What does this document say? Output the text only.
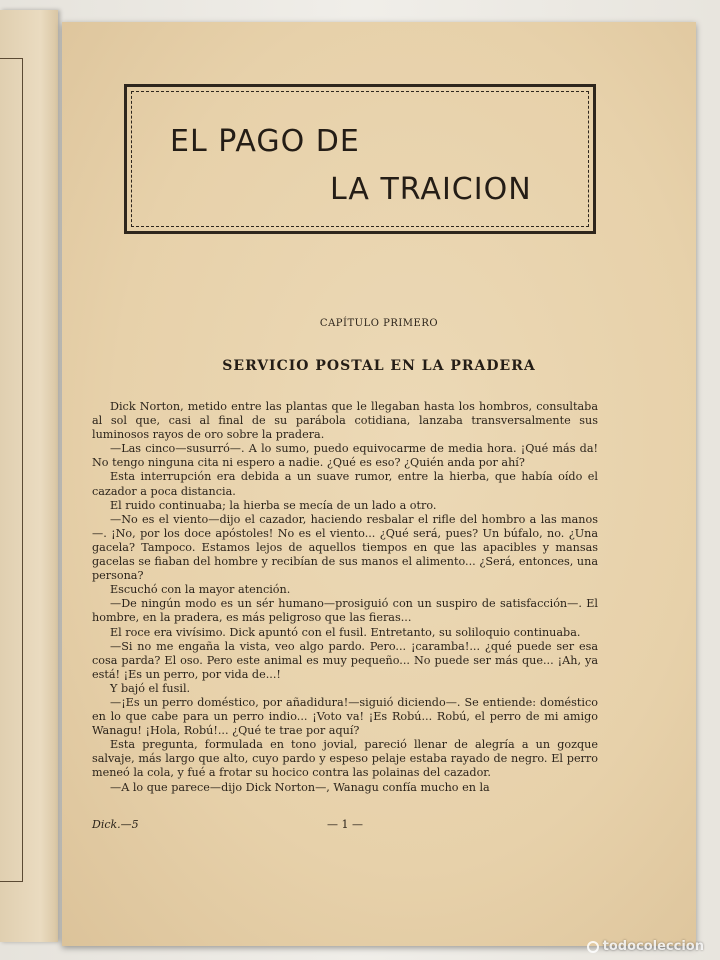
EL PAGO DE
LA TRAICION
CAPÍTULO PRIMERO
SERVICIO POSTAL EN LA PRADERA

Dick Norton, metido entre las plantas que le llegaban hasta los hombros, consultaba al sol que, casi al final de su parábola cotidiana, lanzaba transversalmente sus luminosos rayos de oro sobre la pradera.

—Las cinco—susurró—. A lo sumo, puedo equivocarme de media hora. ¡Qué más da! No tengo ninguna cita ni espero a nadie. ¿Qué es eso? ¿Quién anda por ahí?

Esta interrupción era debida a un suave rumor, entre la hierba, que había oído el cazador a poca distancia.

El ruido continuaba; la hierba se mecía de un lado a otro.

—No es el viento—dijo el cazador, haciendo resbalar el rifle del hombro a las manos—. ¡No, por los doce apóstoles! No es el viento... ¿Qué será, pues? Un búfalo, no. ¿Una gacela? Tampoco. Estamos lejos de aquellos tiempos en que las apacibles y mansas gacelas se fiaban del hombre y recibían de sus manos el alimento... ¿Será, entonces, una persona?

Escuchó con la mayor atención.

—De ningún modo es un sér humano—prosiguió con un suspiro de satisfacción—. El hombre, en la pradera, es más peligroso que las fieras...

El roce era vivísimo. Dick apuntó con el fusil. Entretanto, su soliloquio continuaba.

—Si no me engaña la vista, veo algo pardo. Pero... ¡caramba!... ¿qué puede ser esa cosa parda? El oso. Pero este animal es muy pequeño... No puede ser más que... ¡Ah, ya está! ¡Es un perro, por vida de...!

Y bajó el fusil.

—¡Es un perro doméstico, por añadidura!—siguió diciendo—. Se entiende: doméstico en lo que cabe para un perro indio... ¡Voto va! ¡Es Robú... Robú, el perro de mi amigo Wanagu! ¡Hola, Robú!... ¿Qué te trae por aquí?

Esta pregunta, formulada en tono jovial, pareció llenar de alegría a un gozque salvaje, más largo que alto, cuyo pardo y espeso pelaje estaba rayado de negro. El perro meneó la cola, y fué a frotar su hocico contra las polainas del cazador.

—A lo que parece—dijo Dick Norton—, Wanagu confía mucho en la

Dick.—5	— 1 —
todocoleccion
